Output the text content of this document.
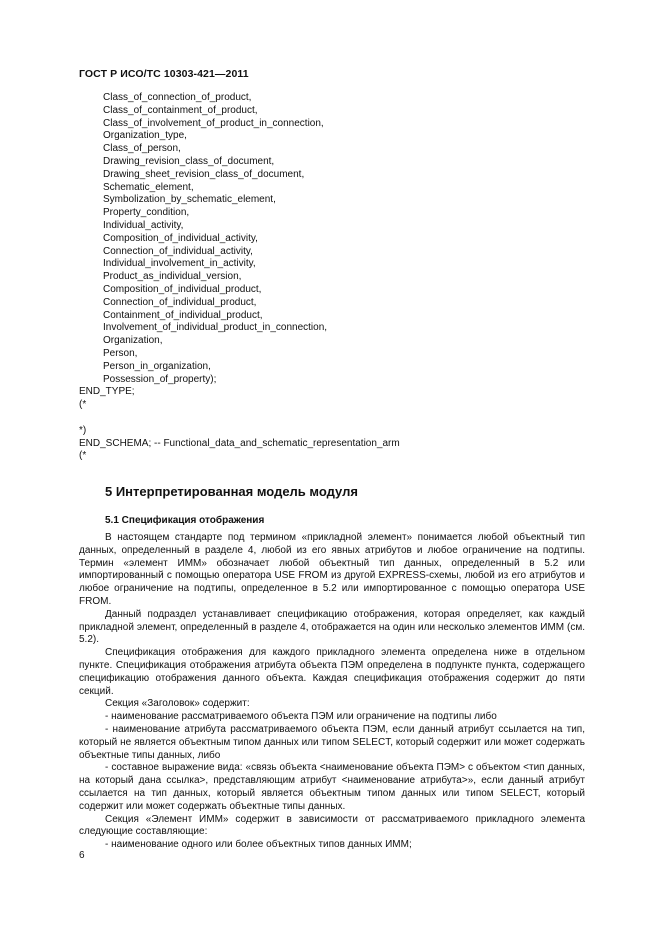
ГОСТ Р ИСО/ТС 10303-421—2011
Class_of_connection_of_product,
Class_of_containment_of_product,
Class_of_involvement_of_product_in_connection,
Organization_type,
Class_of_person,
Drawing_revision_class_of_document,
Drawing_sheet_revision_class_of_document,
Schematic_element,
Symbolization_by_schematic_element,
Property_condition,
Individual_activity,
Composition_of_individual_activity,
Connection_of_individual_activity,
Individual_involvement_in_activity,
Product_as_individual_version,
Composition_of_individual_product,
Connection_of_individual_product,
Containment_of_individual_product,
Involvement_of_individual_product_in_connection,
Organization,
Person,
Person_in_organization,
Possession_of_property);
END_TYPE;
(*

*)
END_SCHEMA; -- Functional_data_and_schematic_representation_arm
(*
5 Интерпретированная модель модуля
5.1 Спецификация отображения

В настоящем стандарте под термином «прикладной элемент» понимается любой объектный тип данных, определенный в разделе 4, любой из его явных атрибутов и любое ограничение на подтипы. Термин «элемент ИММ» обозначает любой объектный тип данных, определенный в 5.2 или импортированный с помощью оператора USE FROM из другой EXPRESS-схемы, любой из его атрибутов и любое ограничение на подтипы, определенное в 5.2 или импортированное с помощью оператора USE FROM.

Данный подраздел устанавливает спецификацию отображения, которая определяет, как каждый прикладной элемент, определенный в разделе 4, отображается на один или несколько элементов ИММ (см. 5.2).

Спецификация отображения для каждого прикладного элемента определена ниже в отдельном пункте. Спецификация отображения атрибута объекта ПЭМ определена в подпункте пункта, содержащего спецификацию отображения данного объекта. Каждая спецификация отображения содержит до пяти секций.

Секция «Заголовок» содержит:

- наименование рассматриваемого объекта ПЭМ или ограничение на подтипы либо

- наименование атрибута рассматриваемого объекта ПЭМ, если данный атрибут ссылается на тип, который не является объектным типом данных или типом SELECT, который содержит или может содержать объектные типы данных, либо

- составное выражение вида: «связь объекта <наименование объекта ПЭМ> с объектом <тип данных, на который дана ссылка>, представляющим атрибут <наименование атрибута>», если данный атрибут ссылается на тип данных, который является объектным типом данных или типом SELECT, который содержит или может содержать объектные типы данных.

Секция «Элемент ИММ» содержит в зависимости от рассматриваемого прикладного элемента следующие составляющие:

- наименование одного или более объектных типов данных ИММ;

6
